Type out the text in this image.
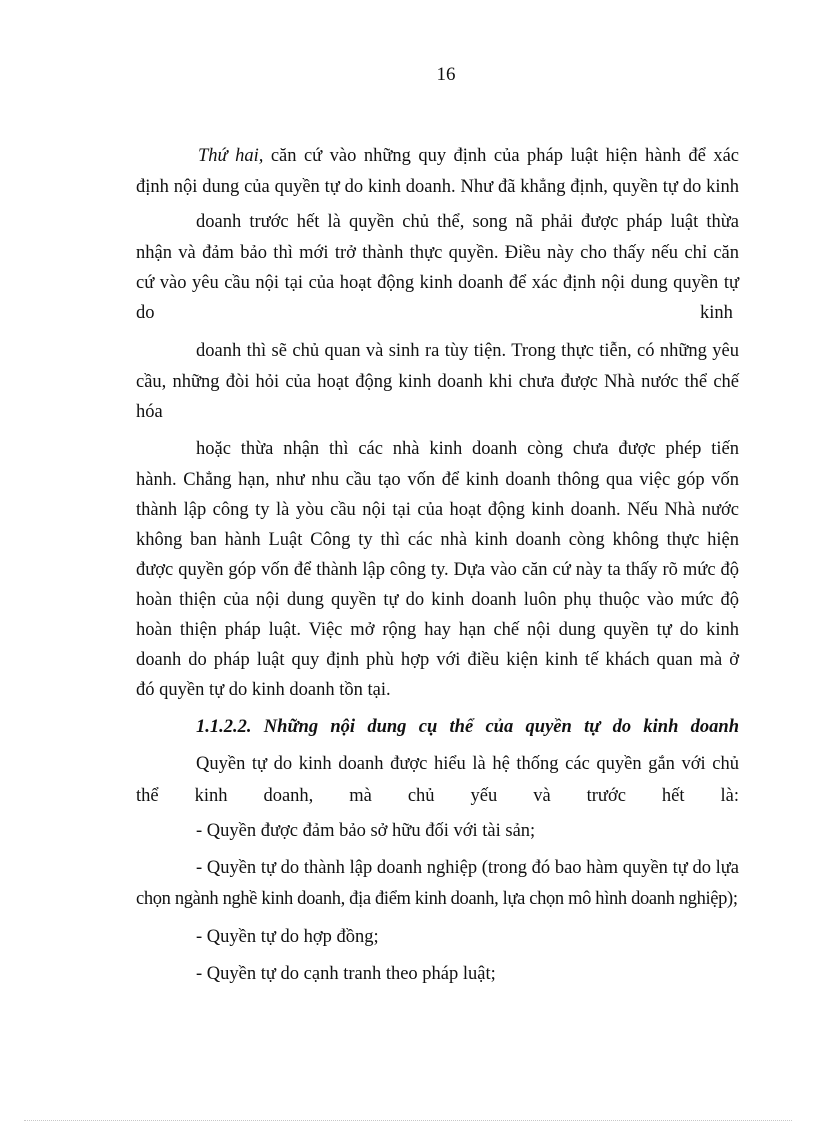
16
Thứ hai, căn cứ vào những quy định của pháp luật hiện hành để xác
định nội dung của quyền tự do kinh doanh. Như đã khẳng định, quyền tự do kinh
doanh trước hết là quyền chủ thể, song nã phải được pháp luật thừa
nhận và đảm bảo thì mới trở thành thực quyền. Điều này cho thấy nếu chỉ căn
cứ vào yêu cầu nội tại của hoạt động kinh doanh để xác định nội dung quyền tự
do	kinh
doanh thì sẽ chủ quan và sinh ra tùy tiện. Trong thực tiễn, có những yêu
cầu, những đòi hỏi của hoạt động kinh doanh khi chưa được Nhà nước thể chế
hóa
hoặc thừa nhận thì các nhà kinh doanh còng chưa được phép tiến
hành. Chẳng hạn, như nhu cầu tạo vốn để kinh doanh thông qua việc góp vốn
thành lập công ty là yòu cầu nội tại của hoạt động kinh doanh. Nếu Nhà nước
không ban hành Luật Công ty thì các nhà kinh doanh còng không thực hiện
được quyền góp vốn để thành lập công ty. Dựa vào căn cứ này ta thấy rõ mức độ
hoàn thiện của nội dung quyền tự do kinh doanh luôn phụ thuộc vào mức độ
hoàn thiện pháp luật. Việc mở rộng hay hạn chế nội dung quyền tự do kinh
doanh do pháp luật quy định phù hợp với điều kiện kinh tế khách quan mà ở
đó quyền tự do kinh doanh tồn tại.
1.1.2.2. Những nội dung cụ thể của quyền tự do kinh doanh
Quyền tự do kinh doanh được hiểu là hệ thống các quyền gắn với chủ
thể kinh doanh, mà chủ yếu và trước hết là:
- Quyền được đảm bảo sở hữu đối với tài sản;
- Quyền tự do thành lập doanh nghiệp (trong đó bao hàm quyền tự do lựa
chọn ngành nghề kinh doanh, địa điểm kinh doanh, lựa chọn mô hình doanh nghiệp);
- Quyền tự do hợp đồng;
- Quyền tự do cạnh tranh theo pháp luật;
